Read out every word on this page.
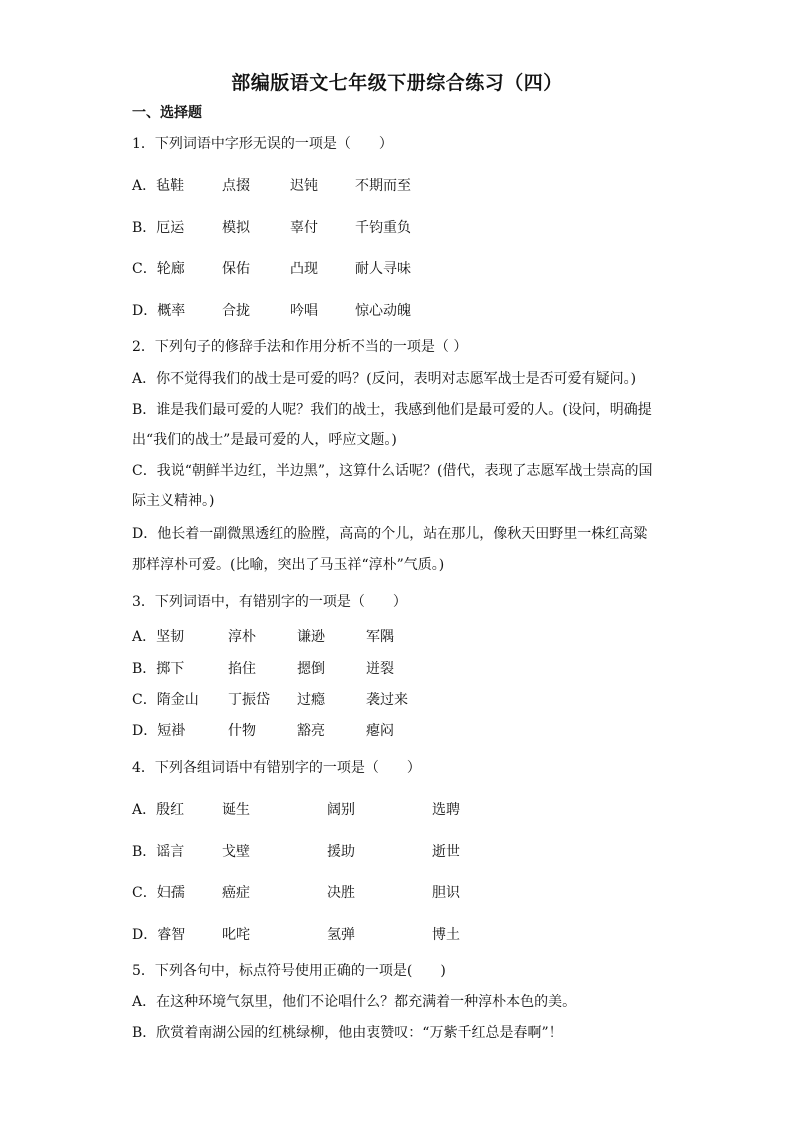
部编版语文七年级下册综合练习（四）
一、选择题
1．下列词语中字形无误的一项是（　　）
A．毡鞋	点掇	迟钝	不期而至
B．厄运	模拟	辜付	千钧重负
C．轮廊	保佑	凸现	耐人寻味
D．概率	合拢	吟唱	惊心动魄
2．下列句子的修辞手法和作用分析不当的一项是（ ）
A．你不觉得我们的战士是可爱的吗？(反问，表明对志愿军战士是否可爱有疑问。)
B．谁是我们最可爱的人呢？我们的战士，我感到他们是最可爱的人。(设问，明确提
出“我们的战士”是最可爱的人，呼应文题。)
C．我说“朝鲜半边红，半边黑”，这算什么话呢？(借代，表现了志愿军战士崇高的国
际主义精神。)
D．他长着一副微黑透红的脸膛，高高的个儿，站在那儿，像秋天田野里一株红高粱
那样淳朴可爱。(比喻，突出了马玉祥“淳朴”气质。)
3．下列词语中，有错别字的一项是（　　）
A．坚韧	淳朴	谦逊	军隅
B．掷下	掐住	摁倒	迸裂
C．隋金山 丁振岱 过瘾	袭过来
D．短褂	什物	豁亮	瘪闷
4．下列各组词语中有错别字的一项是（　　）
A．殷红	诞生	阔别	选聘
B．谣言	戈壁	援助	逝世
C．妇孺	癌症	决胜	胆识
D．睿智	叱咤	氢弹	博土
5．下列各句中，标点符号使用正确的一项是(　　)
A．在这种环境气氛里，他们不论唱什么？都充满着一种淳朴本色的美。
B．欣赏着南湖公园的红桃绿柳，他由衷赞叹：“万紫千红总是春啊”！
